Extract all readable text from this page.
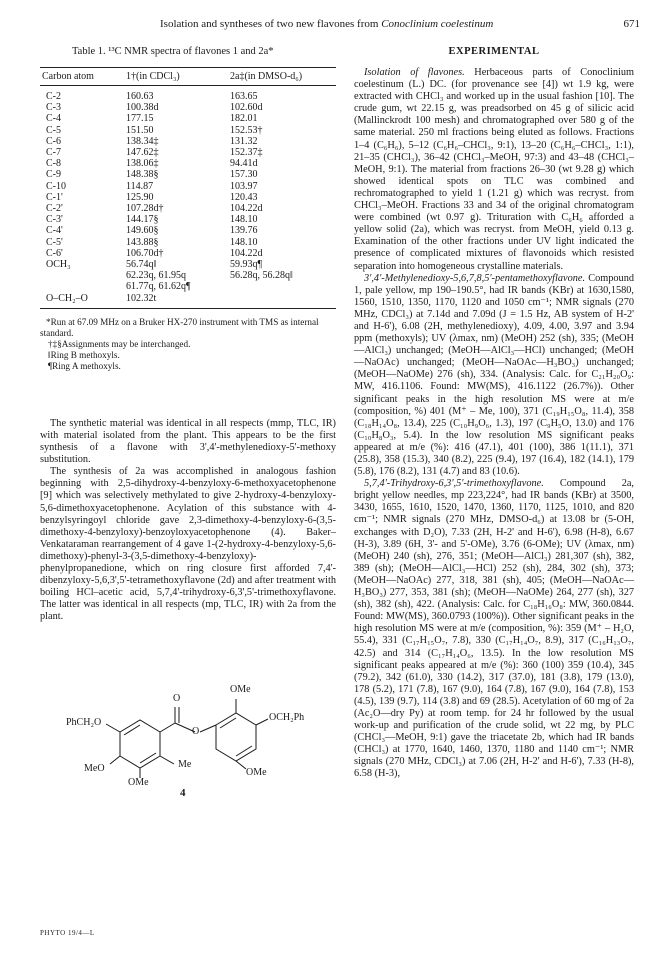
Isolation and syntheses of two new flavones from Conoclinium coelestinum	671
Table 1. ¹³C NMR spectra of flavones 1 and 2a*
Carbon atom	1†(in CDCl₃)	2a‡(in DMSO-d₆)
C-2	160.63	163.65
C-3	100.38d	102.60d
C-4	177.15	182.01
C-5	151.50	152.53†
C-6	138.34‡	131.32
C-7	147.62‡	152.37‡
C-8	138.06‡	94.41d
C-9	148.38§	157.30
C-10	114.87	103.97
C-1'	125.90	120.43
C-2'	107.28d†	104.22d
C-3'	144.17§	148.10
C-4'	149.60§	139.76
C-5'	143.88§	148.10
C-6'	106.70d†	104.22d
OCH₃	56.74q‖	59.93q¶
	62.23q, 61.95q	56.28q, 56.28q‖
	61.77q, 61.62q¶	
O–CH₂–O	102.32t	

*Run at 67.09 MHz on a Bruker HX-270 instrument with TMS as internal standard.

†‡§Assignments may be interchanged.

‖Ring B methoxyls.

¶Ring A methoxyls.

The synthetic material was identical in all respects (mmp, TLC, IR) with material isolated from the plant. This appears to be the first synthesis of a flavone with 3',4'-methylenedioxy-5'-methoxy substitution.

The synthesis of 2a was accomplished in analogous fashion beginning with 2,5-dihydroxy-4-benzyloxy-6-methoxyacetophenone [9] which was selectively methylated to give 2-hydroxy-4-benzyloxy-5,6-dimethoxyacetophenone. Acylation of this substance with 4-benzylsyringoyl chloride gave 2,3-dimethoxy-4-benzyloxy-6-(3,5-dimethoxy-4-benzyloxy)-benzoyloxyacetophenone (4). Baker–Venkataraman rearrangement of 4 gave 1-(2-hydroxy-4-benzyloxy-5,6-dimethoxy)-phenyl-3-(3,5-dimethoxy-4-benzyloxy)-phenylpropanedione, which on ring closure first afforded 7,4'-dibenzyloxy-5,6,3',5'-tetramethoxyflavone (2d) and after treatment with boiling HCl–acetic acid, 5,7,4'-trihydroxy-6,3',5'-trimethoxyflavone. The latter was identical in all respects (mp, TLC, IR) with 2a from the plant.

OMe
O
PhCH₂O	OCH₂Ph
Me
MeO
OMe
OMe
O
4
EXPERIMENTAL

Isolation of flavones. Herbaceous parts of Conoclinium coelestinum (L.) DC. (for provenance see [4]) wt 1.9 kg, were extracted with CHCl₃ and worked up in the usual fashion [10]. The crude gum, wt 22.15 g, was preadsorbed on 45 g of silicic acid (Mallinckrodt 100 mesh) and chromatographed over 580 g of the same material. 250 ml fractions being eluted as follows. Fractions 1–4 (C₆H₆), 5–12 (C₆H₆–CHCl₃, 9:1), 13–20 (C₆H₆–CHCl₃, 1:1), 21–35 (CHCl₃), 36–42 (CHCl₃–MeOH, 97:3) and 43–48 (CHCl₃–MeOH, 9:1). The material from fractions 26–30 (wt 9.28 g) which showed identical spots on TLC was combined and rechromatographed to yield 1 (1.21 g) which was recryst. from CHCl₃–MeOH. Fractions 33 and 34 of the original chromatogram were combined (wt 0.97 g). Trituration with C₆H₆ afforded a yellow solid (2a), which was recryst. from MeOH, yield 0.13 g. Examination of the other fractions under UV light indicated the presence of complicated mixtures of flavonoids which resisted separation into homogeneous crystalline materials.

3',4'-Methylenedioxy-5,6,7,8,5'-pentamethoxyflavone. Compound 1, pale yellow, mp 190–190.5°, had IR bands (KBr) at 1630,1580, 1560, 1510, 1350, 1170, 1120 and 1050 cm⁻¹; NMR signals (270 MHz, CDCl₃) at 7.14d and 7.09d (J = 1.5 Hz, AB system of H-2' and H-6'), 6.08 (2H, methylenedioxy), 4.09, 4.00, 3.97 and 3.94 ppm (methoxyls); UV (λmax, nm) (MeOH) 252 (sh), 335; (MeOH—AlCl₃) unchanged; (MeOH—AlCl₃—HCl) unchanged; (MeOH—NaOAc) unchanged; (MeOH—NaOAc—H₃BO₃) unchanged; (MeOH—NaOMe) 276 (sh), 334. (Analysis: Calc. for C₂₁H₂₀O₉: MW, 416.1106. Found: MW(MS), 416.1122 (26.7%)). Other significant peaks in the high resolution MS were at m/e (composition, %) 401 (M⁺ – Me, 100), 371 (C₁₉H₁₅O₈, 11.4), 358 (C₁₈H₁₄O₈, 13.4), 225 (C₁₀H₉O₆, 1.3), 197 (C₉H₅O, 13.0) and 176 (C₁₀H₈O₃, 5.4). In the low resolution MS significant peaks appeared at m/e (%): 416 (47.1), 401 (100), 386 1(11.1), 371 (25.8), 358 (15.3), 340 (8.2), 225 (9.4), 197 (16.4), 182 (14.1), 179 (5.8), 176 (8.2), 131 (4.7) and 83 (10.6).

5,7,4'-Trihydroxy-6,3',5'-trimethoxyflavone. Compound 2a, bright yellow needles, mp 223,224°, had IR bands (KBr) at 3500, 3430, 1655, 1610, 1520, 1470, 1360, 1170, 1125, 1010, and 820 cm⁻¹; NMR signals (270 MHz, DMSO-d₆) at 13.08 br (5-OH, exchanges with D₂O), 7.33 (2H, H-2' and H-6'), 6.98 (H-8), 6.67 (H-3), 3.89 (6H, 3'- and 5'-OMe), 3.76 (6-OMe); UV (λmax, nm) (MeOH) 240 (sh), 276, 351; (MeOH—AlCl₃) 281,307 (sh), 382, 389 (sh); (MeOH—AlCl₃—HCl) 252 (sh), 284, 302 (sh), 373; (MeOH—NaOAc) 277, 318, 381 (sh), 405; (MeOH—NaOAc—H₃BO₃) 277, 353, 381 (sh); (MeOH—NaOMe) 264, 277 (sh), 327 (sh), 382 (sh), 422. (Analysis: Calc. for C₁₈H₁₆O₈: MW, 360.0844. Found: MW(MS), 360.0793 (100%)). Other significant peaks in the high resolution MS were at m/e (composition, %): 359 (M⁺ – H₂O, 55.4), 331 (C₁₇H₁₅O₇, 7.8), 330 (C₁₇H₁₄O₇, 8.9), 317 (C₁₆H₁₃O₇, 42.5) and 314 (C₁₇H₁₄O₆, 13.5). In the low resolution MS significant peaks appeared at m/e (%): 360 (100) 359 (10.4), 345 (79.2), 342 (61.0), 330 (14.2), 317 (37.0), 181 (3.8), 179 (13.0), 178 (5.2), 171 (7.8), 167 (9.0), 164 (7.8), 167 (9.0), 164 (7.8), 153 (4.5), 139 (9.7), 114 (3.8) and 69 (28.5). Acetylation of 60 mg of 2a (Ac₂O—dry Py) at room temp. for 24 hr followed by the usual work-up and purification of the crude solid, wt 22 mg, by PLC (CHCl₃—MeOH, 9:1) gave the triacetate 2b, which had IR bands (CHCl₃) at 1770, 1640, 1460, 1370, 1180 and 1140 cm⁻¹; NMR signals (270 MHz, CDCl₃) at 7.06 (2H, H-2' and H-6'), 7.33 (H-8), 6.58 (H-3),

PHYTO 19/4—L
